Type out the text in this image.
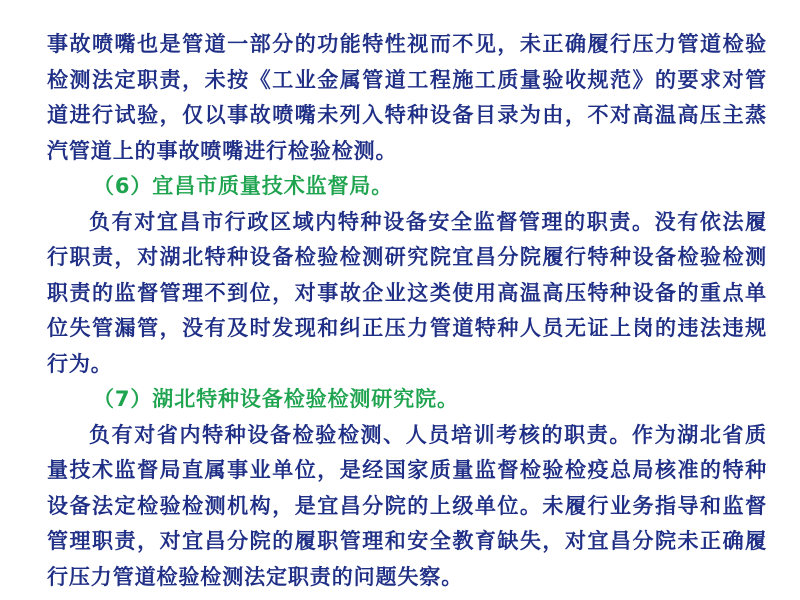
事故喷嘴也是管道一部分的功能特性视而不见，未正确履行压力管道检验检测法定职责，未按《工业金属管道工程施工质量验收规范》的要求对管道进行试验，仅以事故喷嘴未列入特种设备目录为由，不对高温高压主蒸汽管道上的事故喷嘴进行检验检测。

（6）宜昌市质量技术监督局。

负有对宜昌市行政区域内特种设备安全监督管理的职责。没有依法履行职责，对湖北特种设备检验检测研究院宜昌分院履行特种设备检验检测职责的监督管理不到位，对事故企业这类使用高温高压特种设备的重点单位失管漏管，没有及时发现和纠正压力管道特种人员无证上岗的违法违规行为。

（7）湖北特种设备检验检测研究院。

负有对省内特种设备检验检测、人员培训考核的职责。作为湖北省质量技术监督局直属事业单位，是经国家质量监督检验检疫总局核准的特种设备法定检验检测机构，是宜昌分院的上级单位。未履行业务指导和监督管理职责，对宜昌分院的履职管理和安全教育缺失，对宜昌分院未正确履行压力管道检验检测法定职责的问题失察。
